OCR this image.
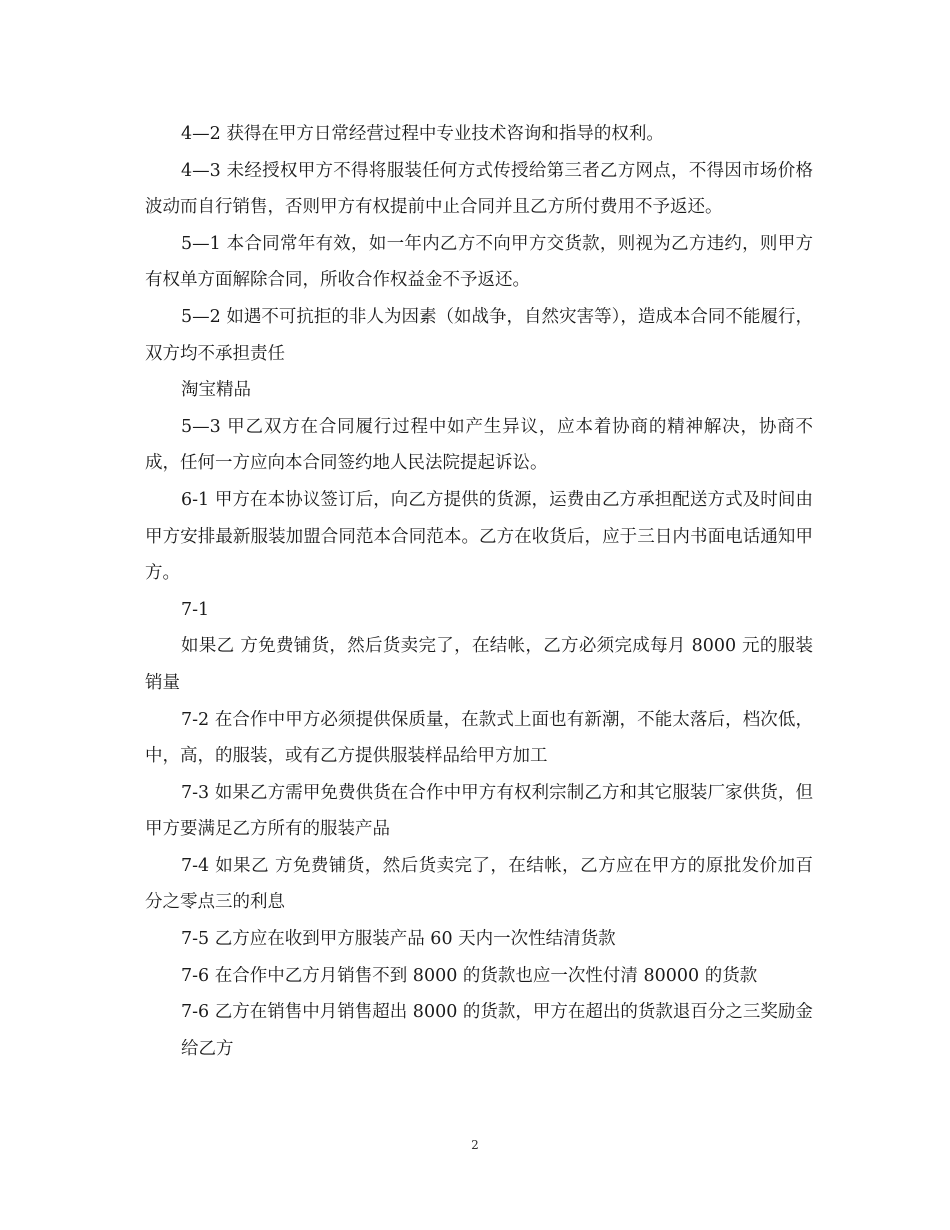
4—2 获得在甲方日常经营过程中专业技术咨询和指导的权利。

4—3 未经授权甲方不得将服装任何方式传授给第三者乙方网点，不得因市场价格波动而自行销售，否则甲方有权提前中止合同并且乙方所付费用不予返还。

5—1 本合同常年有效，如一年内乙方不向甲方交货款，则视为乙方违约，则甲方有权单方面解除合同，所收合作权益金不予返还。

5—2 如遇不可抗拒的非人为因素（如战争，自然灾害等），造成本合同不能履行，双方均不承担责任

淘宝精品

5—3 甲乙双方在合同履行过程中如产生异议，应本着协商的精神解决，协商不成，任何一方应向本合同签约地人民法院提起诉讼。

6-1 甲方在本协议签订后，向乙方提供的货源，运费由乙方承担配送方式及时间由甲方安排最新服装加盟合同范本合同范本。乙方在收货后，应于三日内书面电话通知甲方。

7-1

如果乙 方免费铺货，然后货卖完了，在结帐，乙方必须完成每月 8000 元的服装销量

7-2 在合作中甲方必须提供保质量，在款式上面也有新潮，不能太落后，档次低，中，高，的服装，或有乙方提供服装样品给甲方加工

7-3 如果乙方需甲免费供货在合作中甲方有权利宗制乙方和其它服装厂家供货，但甲方要满足乙方所有的服装产品

7-4 如果乙 方免费铺货，然后货卖完了，在结帐，乙方应在甲方的原批发价加百分之零点三的利息

7-5 乙方应在收到甲方服装产品 60 天内一次性结清货款

7-6 在合作中乙方月销售不到 8000 的货款也应一次性付清 80000 的货款

7-6 乙方在销售中月销售超出 8000 的货款，甲方在超出的货款退百分之三奖励金

给乙方

2
